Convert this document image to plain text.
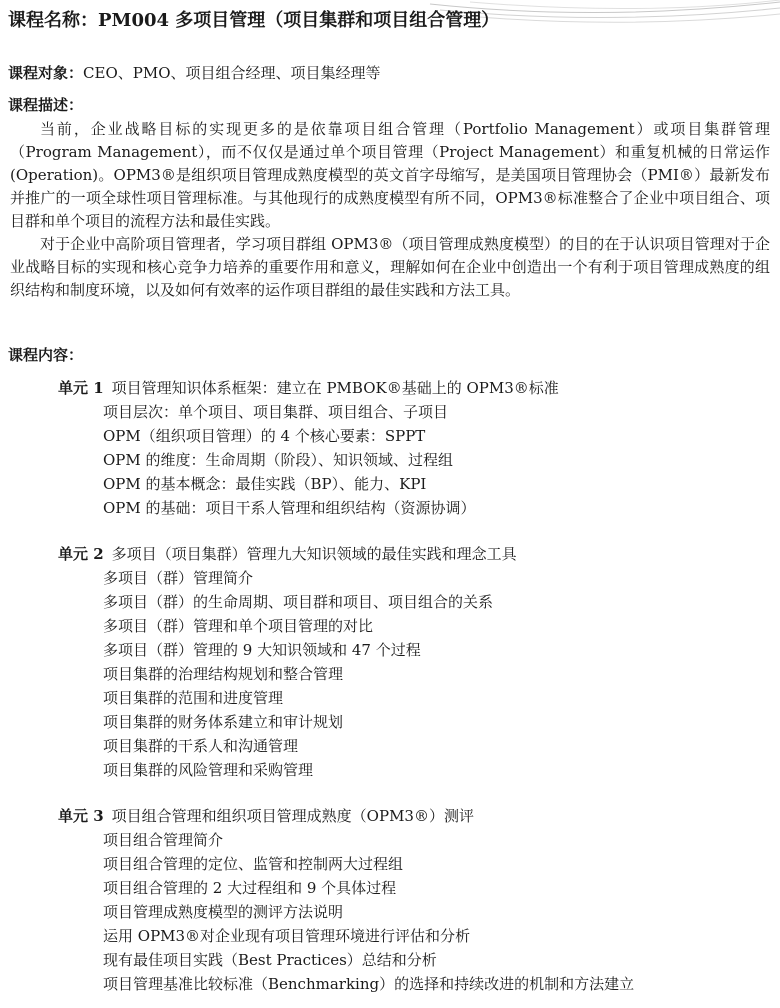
课程名称：PM004 多项目管理（项目集群和项目组合管理）

课程对象：CEO、PMO、项目组合经理、项目集经理等

课程描述：

当前，企业战略目标的实现更多的是依靠项目组合管理（Portfolio Management）或项目集群管理（Program Management），而不仅仅是通过单个项目管理（Project Management）和重复机械的日常运作(Operation)。OPM3®是组织项目管理成熟度模型的英文首字母缩写，是美国项目管理协会（PMI®）最新发布并推广的一项全球性项目管理标准。与其他现行的成熟度模型有所不同，OPM3®标准整合了企业中项目组合、项目群和单个项目的流程方法和最佳实践。

对于企业中高阶项目管理者，学习项目群组 OPM3®（项目管理成熟度模型）的目的在于认识项目管理对于企业战略目标的实现和核心竞争力培养的重要作用和意义，理解如何在企业中创造出一个有利于项目管理成熟度的组织结构和制度环境，以及如何有效率的运作项目群组的最佳实践和方法工具。

课程内容：

单元 1 项目管理知识体系框架：建立在 PMBOK®基础上的 OPM3®标准

项目层次：单个项目、项目集群、项目组合、子项目
OPM（组织项目管理）的 4 个核心要素：SPPT
OPM 的维度：生命周期（阶段）、知识领域、过程组
OPM 的基本概念：最佳实践（BP）、能力、KPI
OPM 的基础：项目干系人管理和组织结构（资源协调）

单元 2 多项目（项目集群）管理九大知识领域的最佳实践和理念工具

多项目（群）管理简介
多项目（群）的生命周期、项目群和项目、项目组合的关系
多项目（群）管理和单个项目管理的对比
多项目（群）管理的 9 大知识领域和 47 个过程
项目集群的治理结构规划和整合管理
项目集群的范围和进度管理
项目集群的财务体系建立和审计规划
项目集群的干系人和沟通管理
项目集群的风险管理和采购管理

单元 3 项目组合管理和组织项目管理成熟度（OPM3®）测评

项目组合管理简介
项目组合管理的定位、监管和控制两大过程组
项目组合管理的 2 大过程组和 9 个具体过程
项目管理成熟度模型的测评方法说明
运用 OPM3®对企业现有项目管理环境进行评估和分析
现有最佳项目实践（Best Practices）总结和分析
项目管理基准比较标准（Benchmarking）的选择和持续改进的机制和方法建立
